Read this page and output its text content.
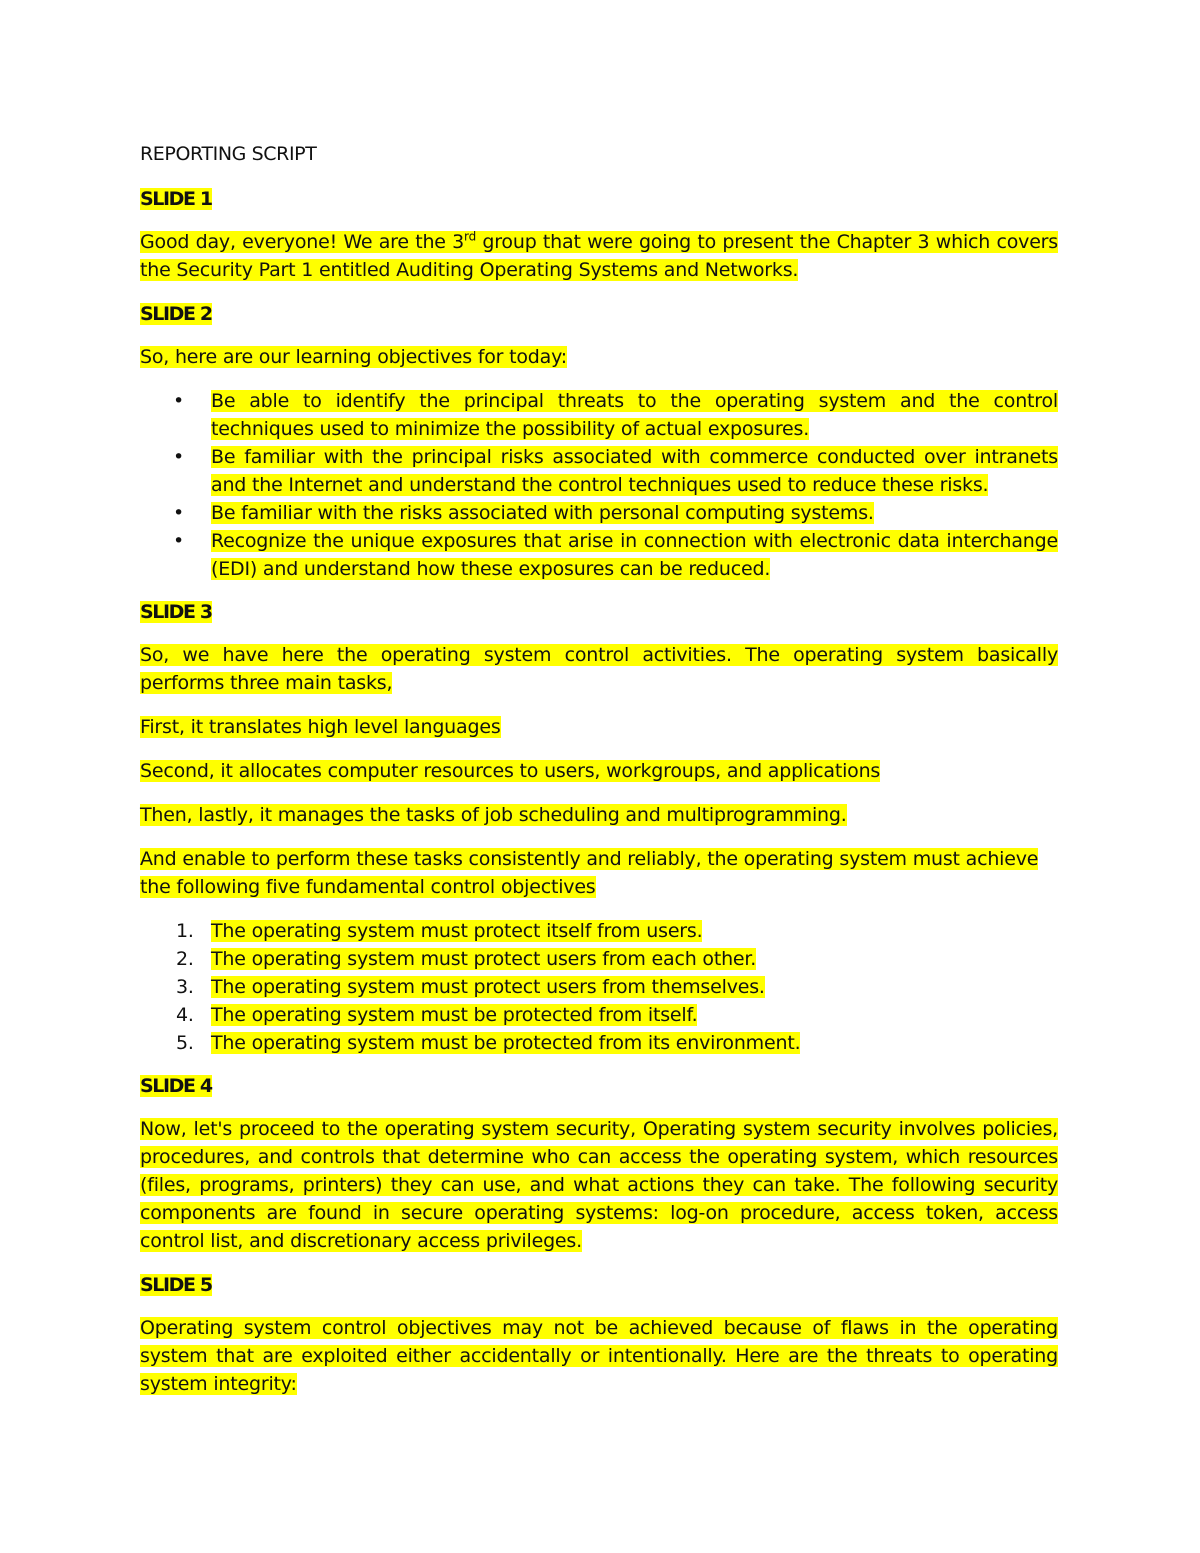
REPORTING SCRIPT

SLIDE 1

Good day, everyone! We are the 3rd group that were going to present the Chapter 3 which covers the Security Part 1 entitled Auditing Operating Systems and Networks.

SLIDE 2

So, here are our learning objectives for today:

• Be able to identify the principal threats to the operating system and the control techniques used to minimize the possibility of actual exposures.
• Be familiar with the principal risks associated with commerce conducted over intranets and the Internet and understand the control techniques used to reduce these risks.
• Be familiar with the risks associated with personal computing systems.
• Recognize the unique exposures that arise in connection with electronic data interchange (EDI) and understand how these exposures can be reduced.

SLIDE 3

So, we have here the operating system control activities. The operating system basically performs three main tasks,

First, it translates high level languages

Second, it allocates computer resources to users, workgroups, and applications

Then, lastly, it manages the tasks of job scheduling and multiprogramming.

And enable to perform these tasks consistently and reliably, the operating system must achieve the following five fundamental control objectives

1. The operating system must protect itself from users.
2. The operating system must protect users from each other.
3. The operating system must protect users from themselves.
4. The operating system must be protected from itself.
5. The operating system must be protected from its environment.

SLIDE 4

Now, let's proceed to the operating system security, Operating system security involves policies, procedures, and controls that determine who can access the operating system, which resources (files, programs, printers) they can use, and what actions they can take. The following security components are found in secure operating systems: log-on procedure, access token, access control list, and discretionary access privileges.

SLIDE 5

Operating system control objectives may not be achieved because of flaws in the operating system that are exploited either accidentally or intentionally. Here are the threats to operating system integrity:
